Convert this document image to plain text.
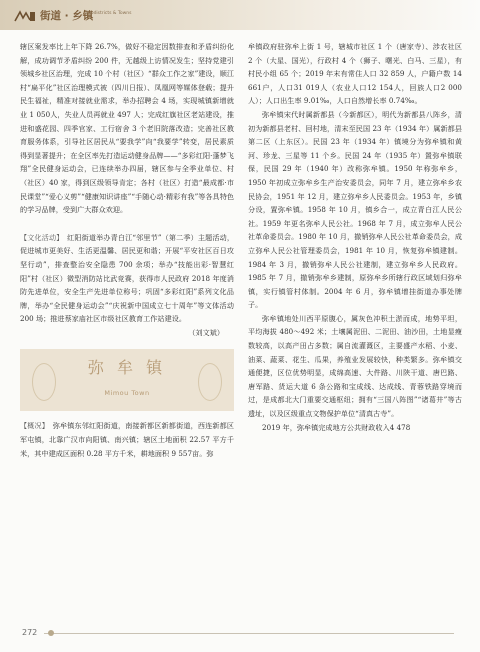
街道 · 乡镇
Subdistricts & Towns

辖区案发率比上年下降 26.7%，做好不稳定因数排查和矛盾纠纷化解，成功调节矛盾纠纷 200 件，无越级上访情况发生；坚持党建引领城乡社区治理，完成 10 个村（社区）“群众工作之家”建设，顺江村“扁平化”社区治理模式被（四川日报）、凤凰网等媒体登载；提升民生福祉，精准对接就业需求，举办招聘会 4 场，实现城镇新增就业 1 050人，失业人员再就业 497 人；完成红旗社区老站建设，推进和盛花园、四季官家、工行宿舍 3 个老旧院落改造；完善社区教育服务体系，引导社区居民从“要我学”向“我要学”转变，居民素质得到显著提升；在全区率先打造运动健身品牌——“多彩红阳·蓬梦飞翔”全民健身运动会，已连续举办四届，辖区参与全季业单位、村（社区）40 家，得到区级领导肯定；各村（社区）打造“最成都·市民课堂”“爱心义剪”“健康知识讲座”“手随心动·精彩有我”等各具特色的学习品牌，受到广大群众欢迎。

【文化活动】　 红阳街道举办青白江“邻里节”（第二季）主题活动，促进城市更美好、生活更温馨、居民更和谐；开展“平安社区百日攻坚行动”，排查整治安全隐患 700 余项；举办“技能出彩·智慧红阳”村（社区）微型消防站比武竞赛，获得市人民政府 2018 年度消防先进单位，安全生产先进单位称号；巩固“多彩红阳”系列文化品牌，举办“全民健身运动会”“庆祝新中国成立七十周年”等文体活动 200 场；推进蔡家庙社区市级社区教育工作站建设。
（刘文斌）

弥 牟 镇
Mimou Town

【概况】　 弥牟镇东邻红阳街道，南接新都区新都街道，西连新都区军屯镇，北靠广汉市向阳镇、南兴镇；辖区土地面积 22.57 平方千米，其中建成区面积 0.28 平方千米，耕地面积 9 557亩。弥

牟镇政府驻弥牟上街 1 号，辖城市社区 1 个（唐家寺）、涉农社区 2 个（大星、国光），行政村 4 个（狮子、曙光、白马、三星），有村民小组 65 个；2019 年末有常住人口 32 859 人，户籍户数 14 661户，人口31 019人（农业人口12 154人，回族人口2 000人）；人口出生率 9.01‰，人口自然增长率 0.74‰。

弥牟镇宋代时属新都县（今新都区），明代为新都县八阵乡，清初为新都县老村、回村地，清末至民国 23 年（1934 年）属新都县第二区（上东区）。民国 23 年（1934 年）镇境分为弥牟镇和黄河、珍龙、三星等 11 个乡。民国 24 年（1935 年）置弥牟镇联保，民国 29 年（1940 年）改称弥牟镇。1950 年称弥牟乡，1950 年初成立弥牟乡生产治安委员会，同年 7 月，建立弥牟乡农民协会，1951 年 12 月，建立弥牟乡人民委员会。1953 年，乡镇分设，置弥牟镇。1958 年 10 月，镇乡合一，成立青白江人民公社。1959 年更名弥牟人民公社。1968 年 7 月，成立弥牟人民公社革命委员会。1980 年 10 月，撤销弥牟人民公社革命委员会，成立弥牟人民公社管理委员会，1981 年 10 月，恢复弥牟镇建制。1984 年 3 月，撤销弥牟人民公社建制，建立弥牟乡人民政府。1985 年 7 月，撤销弥牟乡建制，原弥牟乡所辖行政区域划归弥牟镇，实行镇管村体制。2004 年 6 月，弥牟镇增挂街道办事处牌子。

弥牟镇地处川西平原腹心，属灰色冲积土淤而成，地势平坦，平均海拔 480～492 米；土壤属泥田、二泥田、油沙田，土地显瘦数较高，以高产田占多数；属自流灌溉区，主要盛产水稻、小麦、油菜、蔬菜、花生、瓜果，养殖业发展较快，种类繁多。弥牟镇交通便捷，区位优势明显，成绵高速、大件路、川陕干道、唐巴路、唐军路、货运大道 6 条公路和宝成线、达成线、青蓉铁路穿境而过，是成都北大门重要交通枢纽；拥有“三国八阵图”“诸葛井”等古遗址，以及区级重点文物保护单位“清真古寺”。

2019 年，弥牟镇完成地方公共财政收入4 478

272
